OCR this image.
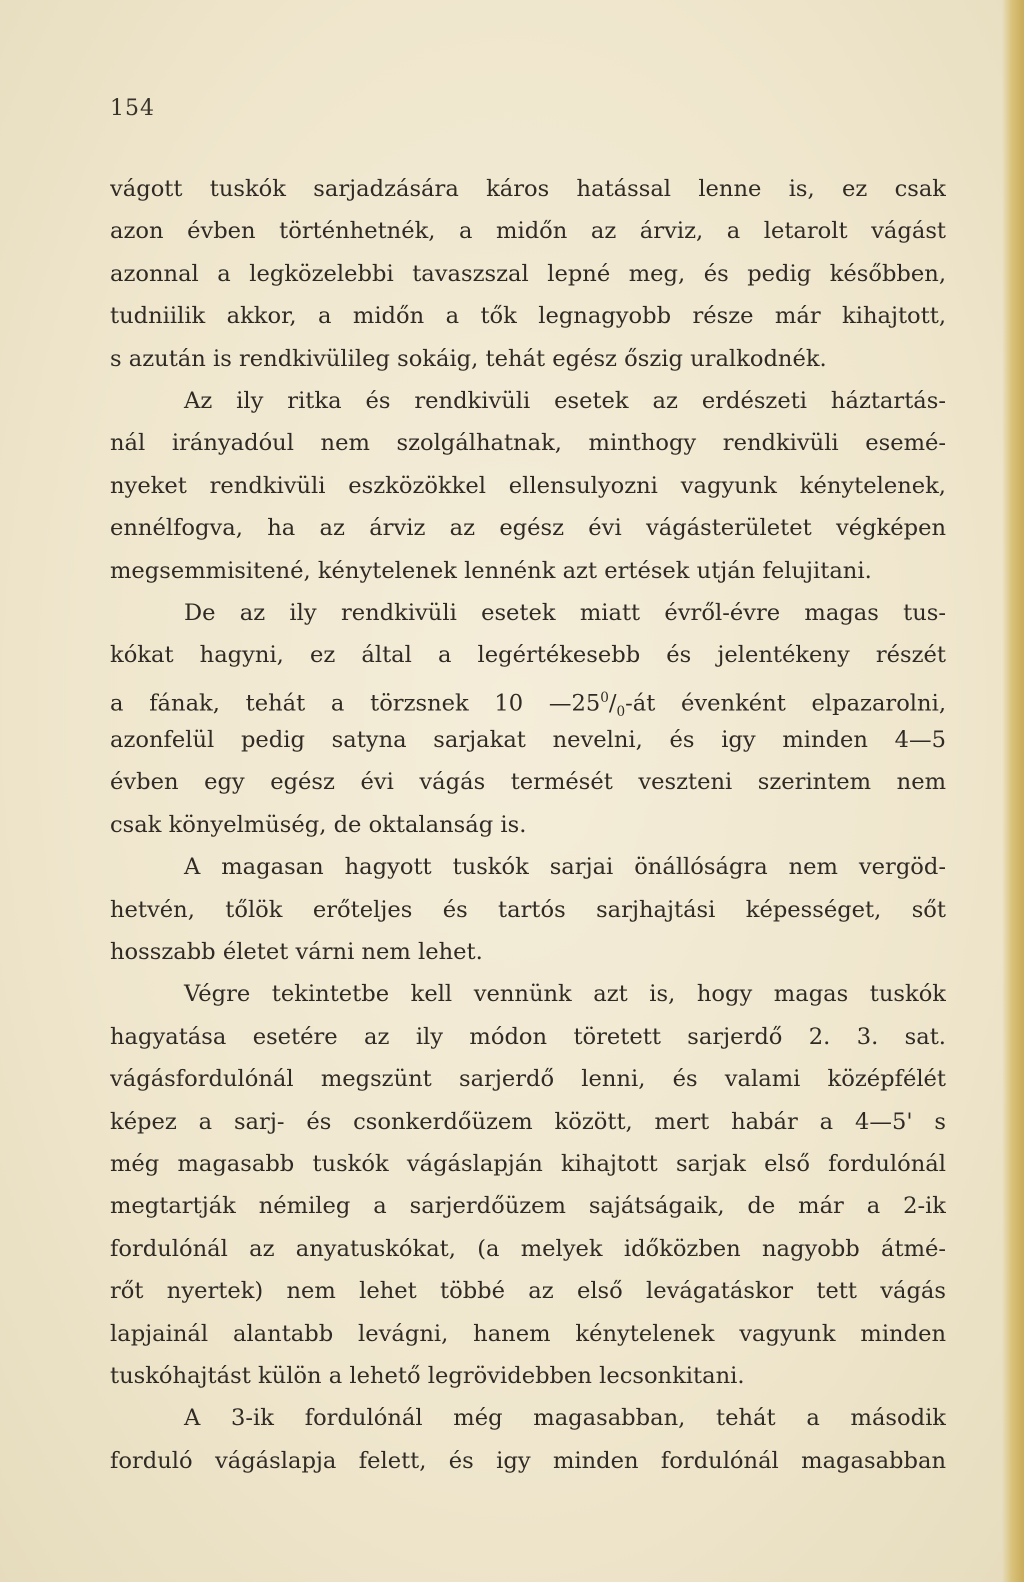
154

vágott tuskók sarjadzására káros hatással lenne is, ez csak
azon évben történhetnék, a midőn az árviz, a letarolt vágást
azonnal a legközelebbi tavaszszal lepné meg, és pedig későbben,
tudniilik akkor, a midőn a tők legnagyobb része már kihajtott,
s azután is rendkivülileg sokáig, tehát egész őszig uralkodnék.
Az ily ritka és rendkivüli esetek az erdészeti háztartás-
nál irányadóul nem szolgálhatnak, minthogy rendkivüli esemé-
nyeket rendkivüli eszközökkel ellensulyozni vagyunk kénytelenek,
ennélfogva, ha az árviz az egész évi vágásterületet végképen
megsemmisitené, kénytelenek lennénk azt ertések utján felujitani.
De az ily rendkivüli esetek miatt évről-évre magas tus-
kókat hagyni, ez által a legértékesebb és jelentékeny részét
a fának, tehát a törzsnek 10 $—25^0/_0-át$ évenként elpazarolni,
azonfelül pedig satyna sarjakat nevelni, és igy minden 4—5
évben egy egész évi vágás termését veszteni szerintem nem
csak könyelmüség, de oktalanság is.
A magasan hagyott tuskók sarjai önállóságra nem vergöd-
hetvén, tőlök erőteljes és tartós sarjhajtási képességet, sőt
hosszabb életet várni nem lehet.
Végre tekintetbe kell vennünk azt is, hogy magas tuskók
hagyatása esetére az ily módon töretett sarjerdő 2. 3. sat.
vágásfordulónál megszünt sarjerdő lenni, és valami középfélét
képez a sarj- és csonkerdőüzem között, mert habár a 4—5' s
még magasabb tuskók vágáslapján kihajtott sarjak első fordulónál
megtartják némileg a sarjerdőüzem sajátságaik, de már a 2-ik
fordulónál az anyatuskókat, (a melyek időközben nagyobb átmé-
rőt nyertek) nem lehet többé az első levágatáskor tett vágás
lapjainál alantabb levágni, hanem kénytelenek vagyunk minden
tuskóhajtást külön a lehető legrövidebben lecsonkitani.
A 3-ik fordulónál még magasabban, tehát a második
forduló vágáslapja felett, és igy minden fordulónál magasabban
